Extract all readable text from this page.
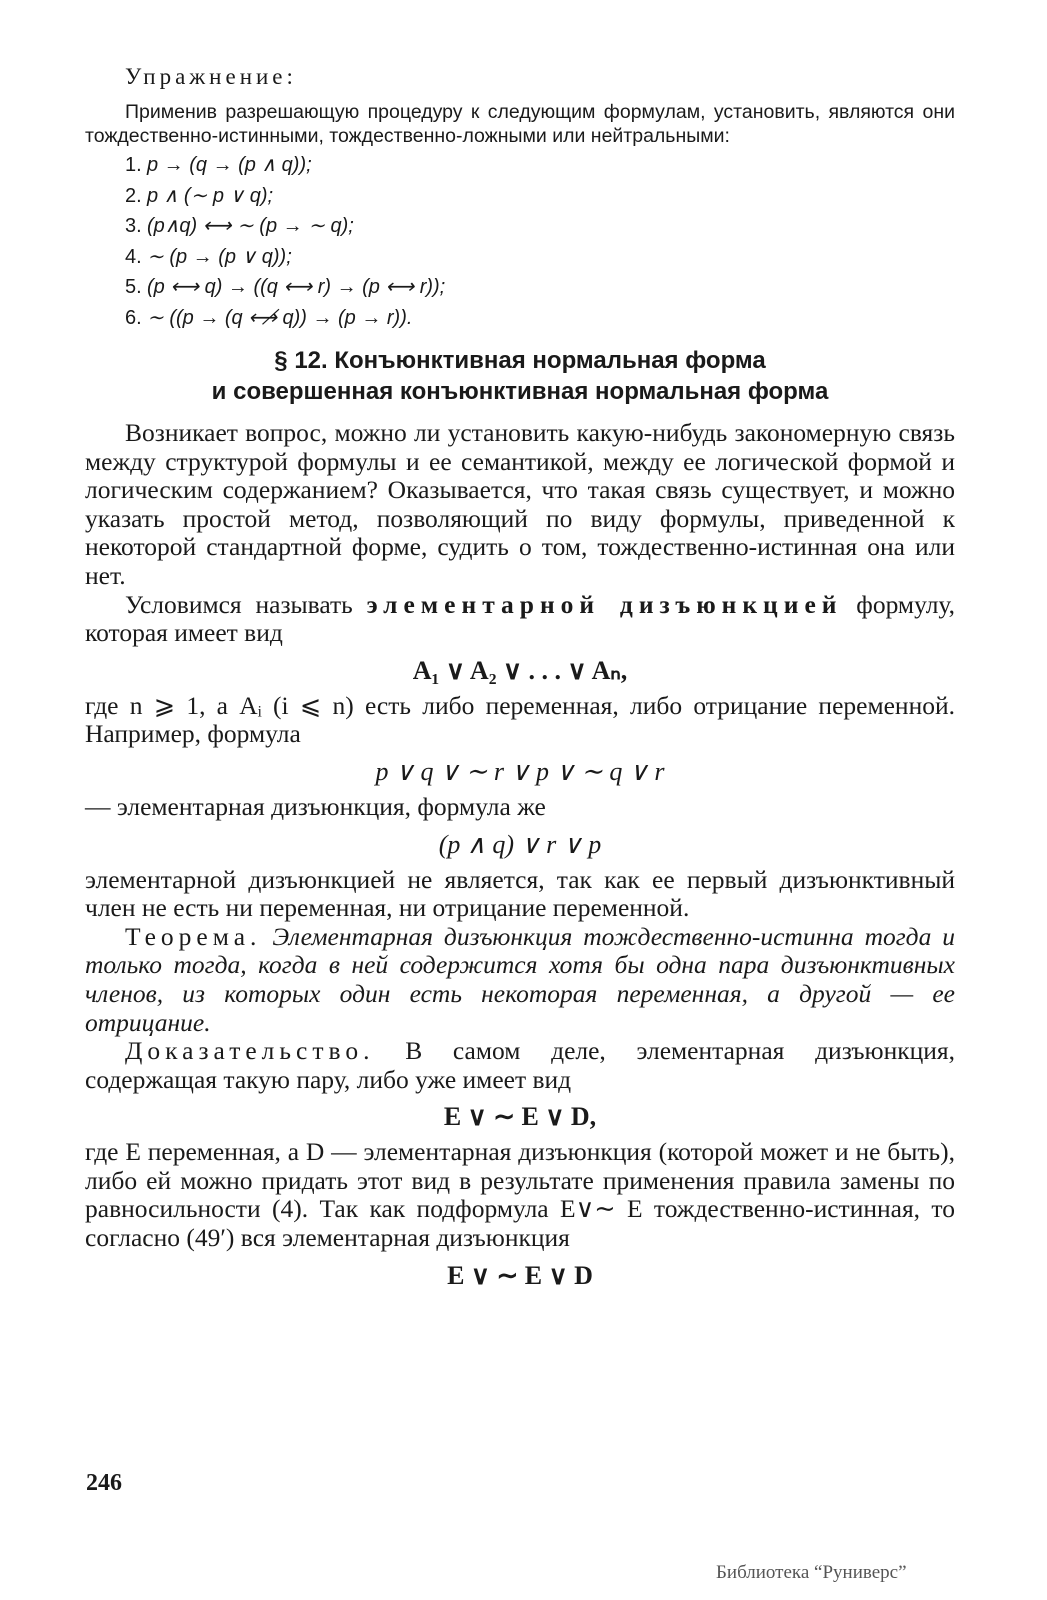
Упражнение:
Применив разрешающую процедуру к следующим формулам, установить, являются они тождественно-истинными, тождественно-ложными или нейтральными:
1. p → (q → (p ∧ q));
2. p ∧ (∼ p ∨ q);
3. (p∧q) ⟷ ∼ (p → ∼ q);
4. ∼ (p → (p ∨ q));
5. (p ⟷ q) → ((q ⟷ r) → (p ⟷ r));
6. ∼ ((p → (q ⟷̸ q)) → (p → r)).
§ 12. Конъюнктивная нормальная форма
и совершенная конъюнктивная нормальная форма

Возникает вопрос, можно ли установить какую-нибудь закономерную связь между структурой формулы и ее семантикой, между ее логической формой и логическим содержанием? Оказывается, что такая связь существует, и можно указать простой метод, позволяющий по виду формулы, приведенной к некоторой стандартной форме, судить о том, тождественно-истинная она или нет.

Условимся называть элементарной дизъюнкцией формулу, которая имеет вид

A₁ ∨ A₂ ∨ . . . ∨ Aₙ,

где n ⩾ 1, а Aᵢ (i ⩽ n) есть либо переменная, либо отрицание переменной. Например, формула

p ∨ q ∨ ∼ r ∨ p ∨ ∼ q ∨ r

— элементарная дизъюнкция, формула же

(p ∧ q) ∨ r ∨ p

элементарной дизъюнкцией не является, так как ее первый дизъюнктивный член не есть ни переменная, ни отрицание переменной.

Теорема. Элементарная дизъюнкция тождественно-истинна тогда и только тогда, когда в ней содержится хотя бы одна пара дизъюнктивных членов, из которых один есть некоторая переменная, а другой — ее отрицание.

Доказательство. В самом деле, элементарная дизъюнкция, содержащая такую пару, либо уже имеет вид

E ∨ ∼ E ∨ D,

где E переменная, а D — элементарная дизъюнкция (которой может и не быть), либо ей можно придать этот вид в результате применения правила замены по равносильности (4). Так как подформула E∨∼ E тождественно-истинная, то согласно (49′) вся элементарная дизъюнкция

E ∨ ∼ E ∨ D
246
Библиотека “Руниверс”
